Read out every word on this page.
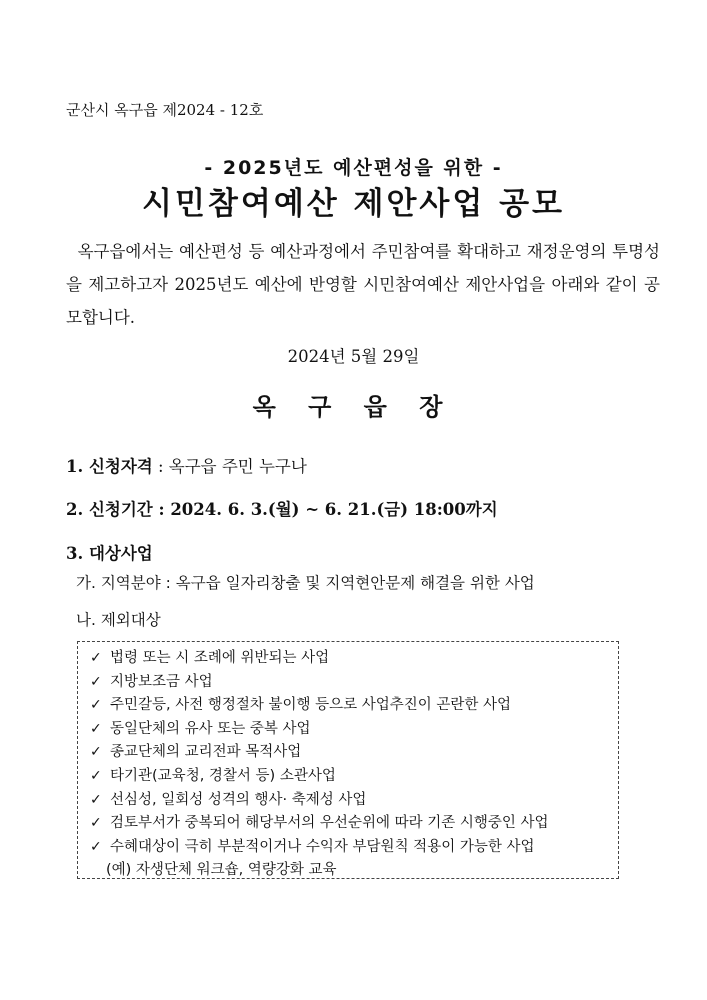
군산시 옥구읍 제2024 - 12호
- 2025년도 예산편성을 위한 -
시민참여예산 제안사업 공모

옥구읍에서는 예산편성 등 예산과정에서 주민참여를 확대하고 재정운영의 투명성을 제고하고자 2025년도 예산에 반영할 시민참여예산 제안사업을 아래와 같이 공모합니다.

2024년 5월 29일
옥 구 읍 장
1. 신청자격 : 옥구읍 주민 누구나
2. 신청기간 : 2024. 6. 3.(월) ~ 6. 21.(금) 18:00까지
3. 대상사업
가. 지역분야 : 옥구읍 일자리창출 및 지역현안문제 해결을 위한 사업
나. 제외대상
✓ 법령 또는 시 조례에 위반되는 사업
✓ 지방보조금 사업
✓ 주민갈등, 사전 행정절차 불이행 등으로 사업추진이 곤란한 사업
✓ 동일단체의 유사 또는 중복 사업
✓ 종교단체의 교리전파 목적사업
✓ 타기관(교육청, 경찰서 등) 소관사업
✓ 선심성, 일회성 성격의 행사· 축제성 사업
✓ 검토부서가 중복되어 해당부서의 우선순위에 따라 기존 시행중인 사업
✓ 수혜대상이 극히 부분적이거나 수익자 부담원칙 적용이 가능한 사업
(예) 자생단체 워크숍, 역량강화 교육
